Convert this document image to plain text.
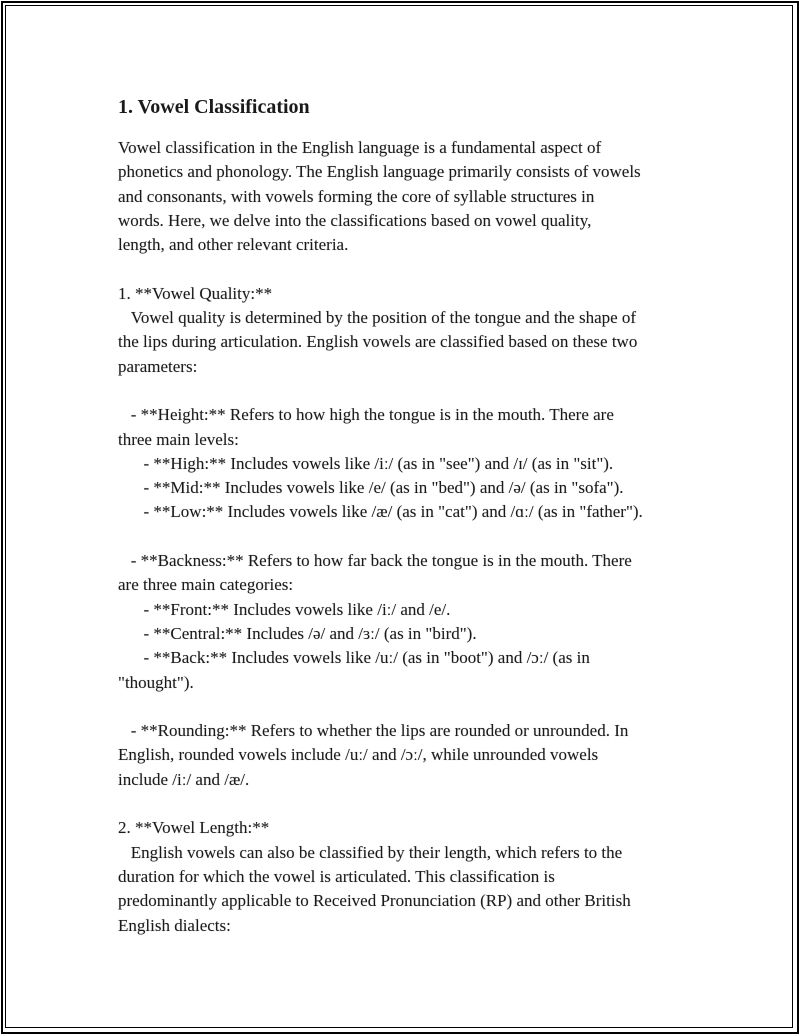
1. Vowel Classification
Vowel classification in the English language is a fundamental aspect of
phonetics and phonology. The English language primarily consists of vowels
and consonants, with vowels forming the core of syllable structures in
words. Here, we delve into the classifications based on vowel quality,
length, and other relevant criteria.

1. **Vowel Quality:**
Vowel quality is determined by the position of the tongue and the shape of
the lips during articulation. English vowels are classified based on these two
parameters:

- **Height:** Refers to how high the tongue is in the mouth. There are
three main levels:
- **High:** Includes vowels like /iː/ (as in "see") and /ɪ/ (as in "sit").
- **Mid:** Includes vowels like /e/ (as in "bed") and /ə/ (as in "sofa").
- **Low:** Includes vowels like /æ/ (as in "cat") and /ɑː/ (as in "father").

- **Backness:** Refers to how far back the tongue is in the mouth. There
are three main categories:
- **Front:** Includes vowels like /iː/ and /e/.
- **Central:** Includes /ə/ and /ɜː/ (as in "bird").
- **Back:** Includes vowels like /uː/ (as in "boot") and /ɔː/ (as in
"thought").

- **Rounding:** Refers to whether the lips are rounded or unrounded. In
English, rounded vowels include /uː/ and /ɔː/, while unrounded vowels
include /iː/ and /æ/.

2. **Vowel Length:**
English vowels can also be classified by their length, which refers to the
duration for which the vowel is articulated. This classification is
predominantly applicable to Received Pronunciation (RP) and other British
English dialects:
